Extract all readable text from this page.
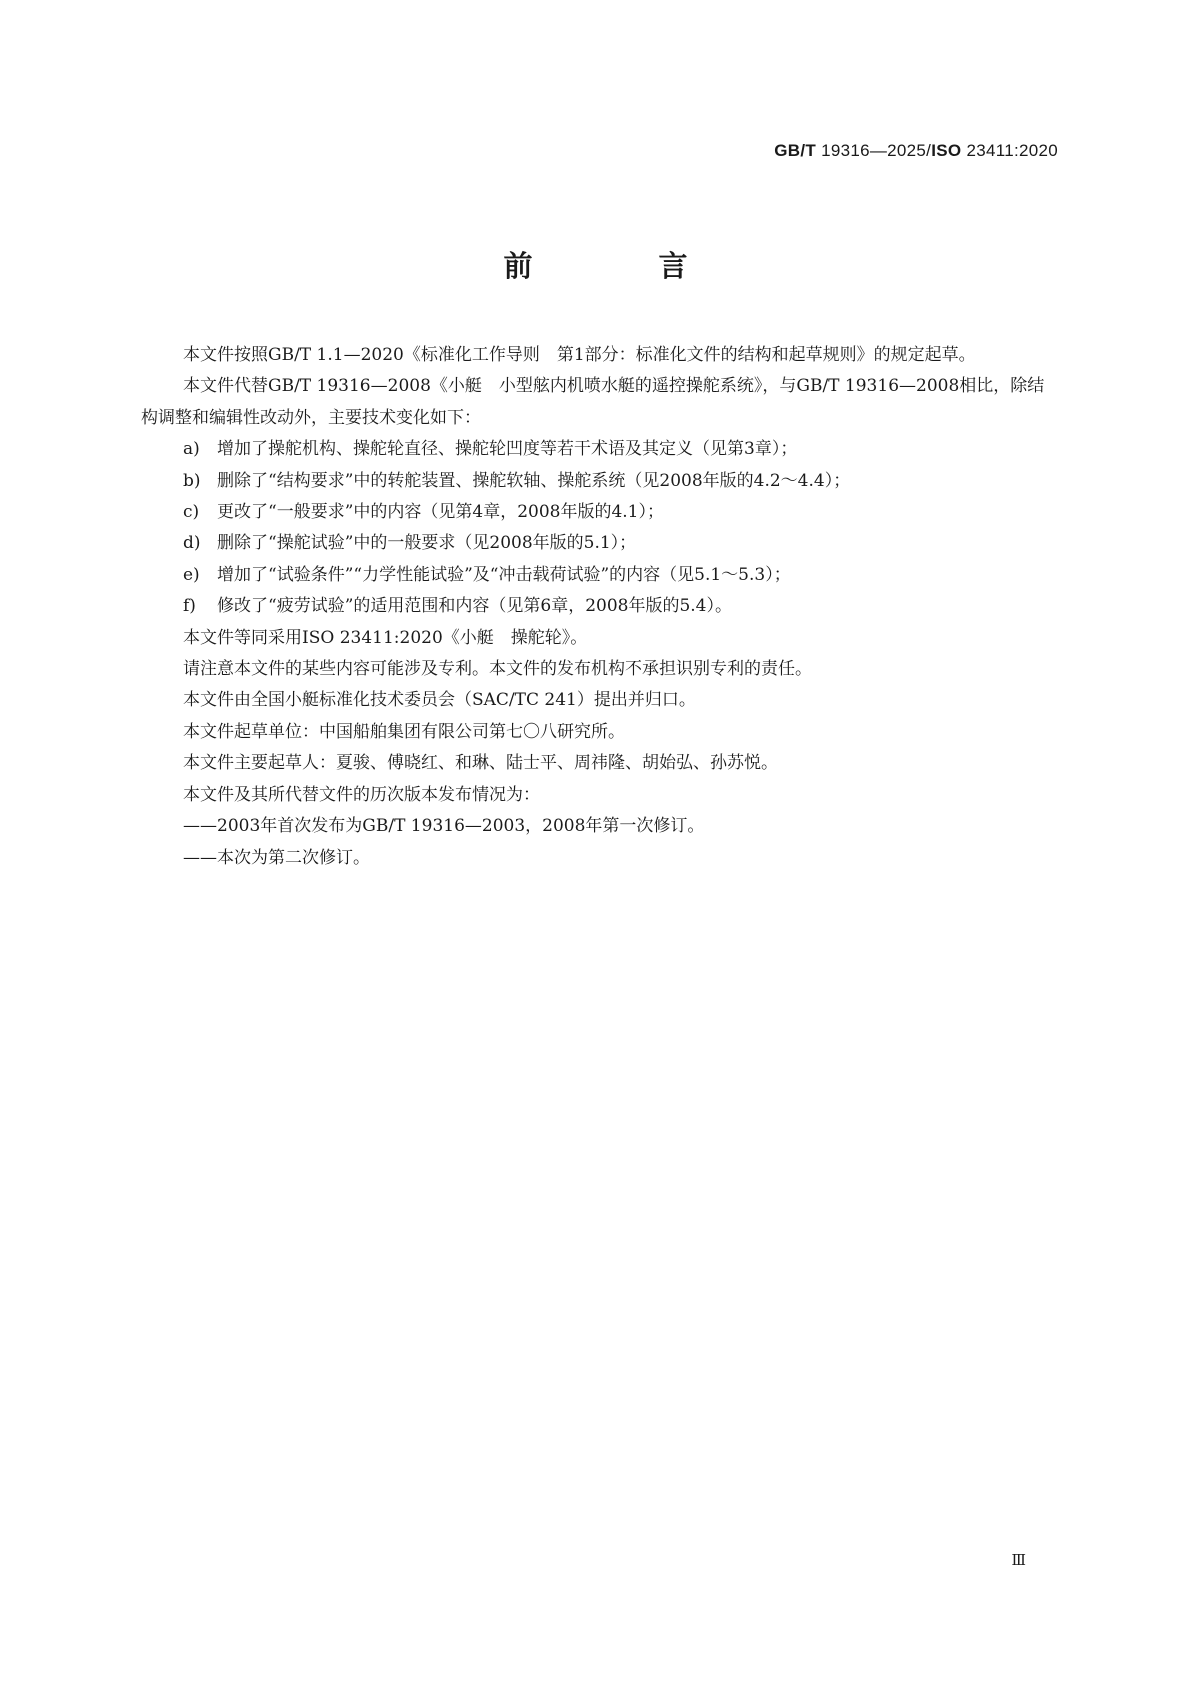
GB/T 19316—2025/ISO 23411:2020
前 言

本文件按照GB/T 1.1—2020《标准化工作导则　第1部分：标准化文件的结构和起草规则》的规定起草。

本文件代替GB/T 19316—2008《小艇　小型舷内机喷水艇的遥控操舵系统》，与GB/T 19316—2008相比，除结构调整和编辑性改动外，主要技术变化如下：

a) 增加了操舵机构、操舵轮直径、操舵轮凹度等若干术语及其定义（见第3章）；

b) 删除了“结构要求”中的转舵装置、操舵软轴、操舵系统（见2008年版的4.2～4.4）；

c) 更改了“一般要求”中的内容（见第4章，2008年版的4.1）；

d) 删除了“操舵试验”中的一般要求（见2008年版的5.1）；

e) 增加了“试验条件”“力学性能试验”及“冲击载荷试验”的内容（见5.1～5.3）；

f) 修改了“疲劳试验”的适用范围和内容（见第6章，2008年版的5.4）。

本文件等同采用ISO 23411:2020《小艇　操舵轮》。

请注意本文件的某些内容可能涉及专利。本文件的发布机构不承担识别专利的责任。

本文件由全国小艇标准化技术委员会（SAC/TC 241）提出并归口。

本文件起草单位：中国船舶集团有限公司第七〇八研究所。

本文件主要起草人：夏骏、傅晓红、和琳、陆士平、周祎隆、胡始弘、孙苏悦。

本文件及其所代替文件的历次版本发布情况为：

——2003年首次发布为GB/T 19316—2003，2008年第一次修订。

——本次为第二次修订。

Ⅲ
